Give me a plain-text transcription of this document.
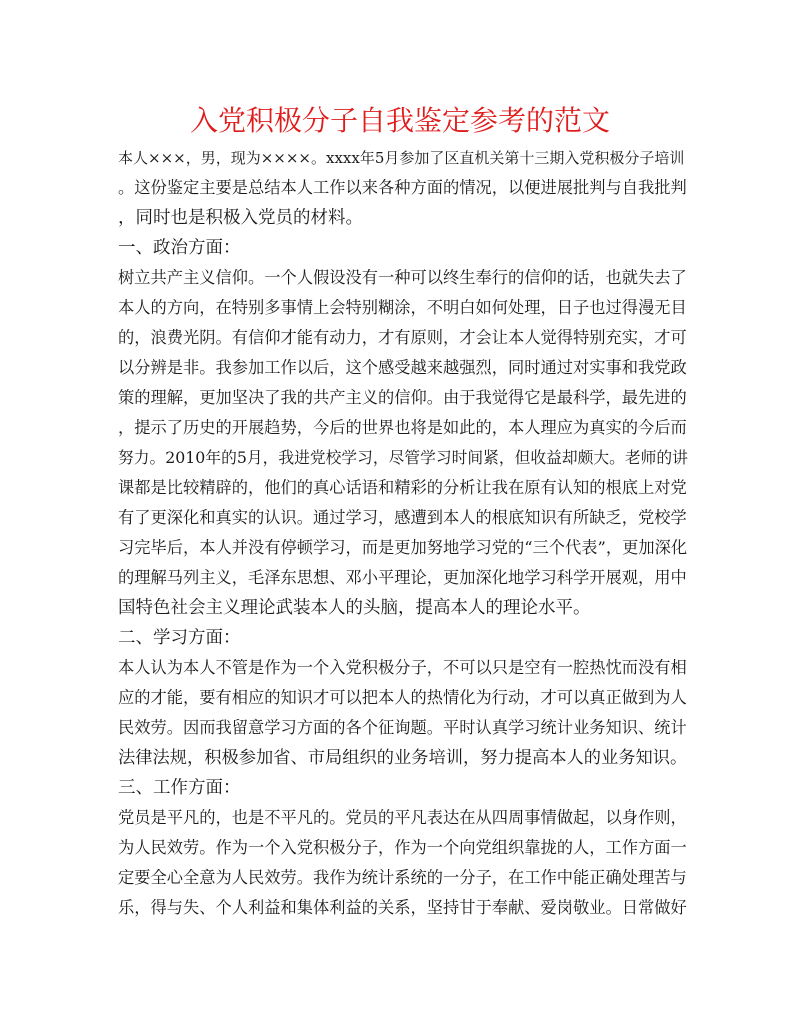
入党积极分子自我鉴定参考的范文

本人×××，男，现为××××。xxxx年5月参加了区直机关第十三期入党积极分子培训

。这份鉴定主要是总结本人工作以来各种方面的情况，以便进展批判与自我批判

，同时也是积极入党员的材料。

一、政治方面：

树立共产主义信仰。一个人假设没有一种可以终生奉行的信仰的话，也就失去了

本人的方向，在特别多事情上会特别糊涂，不明白如何处理，日子也过得漫无目

的，浪费光阴。有信仰才能有动力，才有原则，才会让本人觉得特别充实，才可

以分辨是非。我参加工作以后，这个感受越来越强烈，同时通过对实事和我党政

策的理解，更加坚决了我的共产主义的信仰。由于我觉得它是最科学，最先进的

，提示了历史的开展趋势，今后的世界也将是如此的，本人理应为真实的今后而

努力。2010年的5月，我进党校学习，尽管学习时间紧，但收益却颇大。老师的讲

课都是比较精辟的，他们的真心话语和精彩的分析让我在原有认知的根底上对党

有了更深化和真实的认识。通过学习，感遭到本人的根底知识有所缺乏，党校学

习完毕后，本人并没有停顿学习，而是更加努地学习党的“三个代表”，更加深化

的理解马列主义，毛泽东思想、邓小平理论，更加深化地学习科学开展观，用中

国特色社会主义理论武装本人的头脑，提高本人的理论水平。

二、学习方面：

本人认为本人不管是作为一个入党积极分子，不可以只是空有一腔热忱而没有相

应的才能，要有相应的知识才可以把本人的热情化为行动，才可以真正做到为人

民效劳。因而我留意学习方面的各个征询题。平时认真学习统计业务知识、统计

法律法规，积极参加省、市局组织的业务培训，努力提高本人的业务知识。

三、工作方面：

党员是平凡的，也是不平凡的。党员的平凡表达在从四周事情做起，以身作则，

为人民效劳。作为一个入党积极分子，作为一个向党组织靠拢的人，工作方面一

定要全心全意为人民效劳。我作为统计系统的一分子，在工作中能正确处理苦与

乐，得与失、个人利益和集体利益的关系，坚持甘于奉献、爱岗敬业。日常做好
